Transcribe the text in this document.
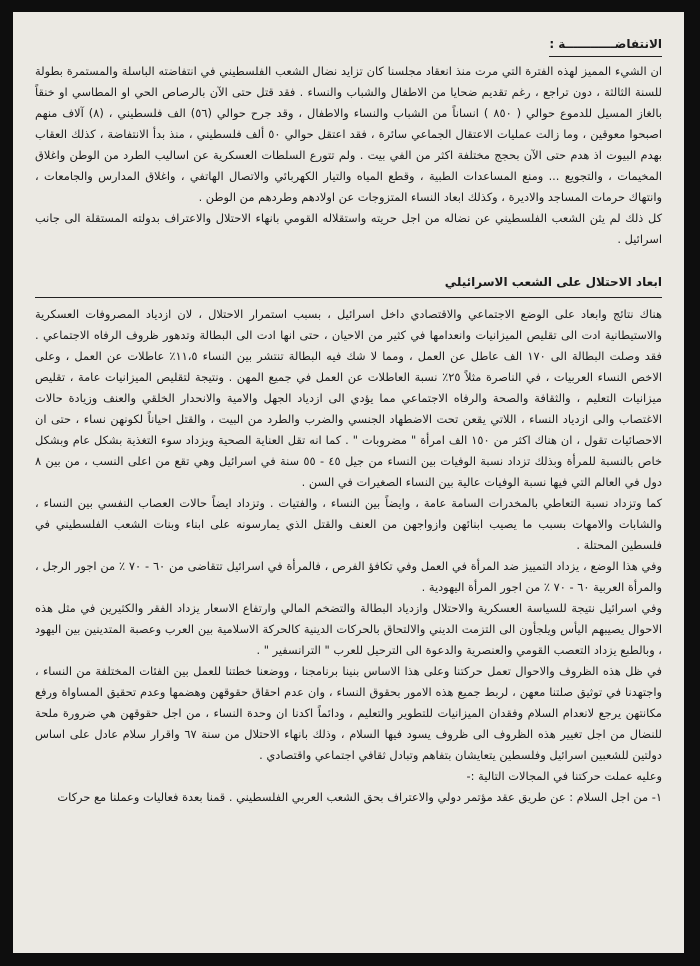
الانتفاضــــــــــــة :

ان الشيء المميز لهذه الفترة التي مرت منذ انعقاد مجلسنا كان تزايد نضال الشعب الفلسطيني في انتفاضته الباسلة والمستمرة بطولة للسنة الثالثة ، دون تراجع ، رغم تقديم ضحايا من الاطفال والشباب والنساء . فقد قتل حتى الآن بالرصاص الحي او المطاسي او خنقاً بالغاز المسيل للدموع حوالي ( ٨٥٠ ) انساناً من الشباب والنساء والاطفال ، وقد جرح حوالي (٥٦) الف فلسطيني ، (٨) آلاف منهم اصبحوا معوقين ، وما زالت عمليات الاعتقال الجماعي سائرة ، فقد اعتقل حوالي ٥٠ ألف فلسطيني ، منذ بدأ الانتفاضة ، كذلك العقاب بهدم البيوت اذ هدم حتى الآن بحجج مختلفة اكثر من الفي بيت . ولم تتورع السلطات العسكرية عن اساليب الطرد من الوطن واغلاق المخيمات ، والتجويع ... ومنع المساعدات الطبية ، وقطع المياه والتيار الكهربائي والاتصال الهاتفي ، واغلاق المدارس والجامعات ، وانتهاك حرمات المساجد والاديرة ، وكذلك ابعاد النساء المتزوجات عن اولادهم وطردهم من الوطن .

كل ذلك لم يثن الشعب الفلسطيني عن نضاله من اجل حريته واستقلاله القومي بانهاء الاحتلال والاعتراف بدولته المستقلة الى جانب اسرائيل .

ابعاد الاحتلال على الشعب الاسرائيلي

هناك نتائج وابعاد على الوضع الاجتماعي والاقتصادي داخل اسرائيل ، بسبب استمرار الاحتلال ، لان ازدياد المصروفات العسكرية والاستيطانية ادت الى تقليص الميزانيات وانعدامها في كثير من الاحيان ، حتى انها ادت الى البطالة وتدهور ظروف الرفاه الاجتماعي . فقد وصلت البطالة الى ١٧٠ الف عاطل عن العمل ، ومما لا شك فيه البطالة تنتشر بين النساء ١١،٥٪ عاطلات عن العمل ، وعلى الاخص النساء العربيات ، في الناصرة مثلاً ٢٥٪ نسبة العاطلات عن العمل في جميع المهن . ونتيجة لتقليص الميزانيات عامة ، تقليص ميزانيات التعليم ، والثقافة والصحة والرفاه الاجتماعي مما يؤدي الى ازدياد الجهل والامية والانحدار الخلقي والعنف وزيادة حالات الاغتصاب والى ازدياد النساء ، اللاتي يقعن تحت الاضطهاد الجنسي والضرب والطرد من البيت ، والقتل احياناً لكونهن نساء ، حتى ان الاحصائيات تقول ، ان هناك اكثر من ١٥٠ الف امرأة " مضروبات " . كما انه تقل العناية الصحية ويزداد سوء التغذية بشكل عام وبشكل خاص بالنسبة للمرأة وبذلك تزداد نسبة الوفيات بين النساء من جيل ٤٥ - ٥٥ سنة في اسرائيل وهي تقع من اعلى النسب ، من بين ٨ دول في العالم التي فيها نسبة الوفيات عالية بين النساء الصغيرات في السن .

كما وتزداد نسبة التعاطي بالمخدرات السامة عامة ، وايضاً بين النساء ، والفتيات . وتزداد ايضاً حالات العصاب النفسي بين النساء ، والشابات والامهات بسبب ما يصيب ابنائهن وازواجهن من العنف والقتل الذي يمارسونه على ابناء وبنات الشعب الفلسطيني في فلسطين المحتلة .

وفي هذا الوضع ، يزداد التمييز ضد المرأة في العمل وفي تكافؤ الفرص ، فالمرأة في اسرائيل تتقاضى من ٦٠ - ٧٠ ٪ من اجور الرجل ، والمرأة العربية ٦٠ - ٧٠ ٪ من اجور المرأة اليهودية .

وفي اسرائيل نتيجة للسياسة العسكرية والاحتلال وازدياد البطالة والتضخم المالي وارتفاع الاسعار يزداد الفقر والكثيرين في مثل هذه الاحوال يصيبهم اليأس ويلجأون الى التزمت الديني والالتحاق بالحركات الدينية كالحركة الاسلامية بين العرب وعصبة المتدينين بين اليهود ، وبالطبع يزداد التعصب القومي والعنصرية والدعوة الى الترحيل للعرب " الترانسفير " .

في ظل هذه الظروف والاحوال تعمل حركتنا وعلى هذا الاساس بنينا برنامجنا ، ووضعنا خطتنا للعمل بين الفئات المختلفة من النساء ، واجتهدنا في توثيق صلتنا معهن ، لربط جميع هذه الامور بحقوق النساء ، وان عدم احقاق حقوقهن وهضمها وعدم تحقيق المساواة ورفع مكانتهن يرجع لانعدام السلام وفقدان الميزانيات للتطوير والتعليم ، ودائماً اكدنا ان وحدة النساء ، من اجل حقوقهن هي ضرورة ملحة للنضال من اجل تغيير هذه الظروف الى ظروف يسود فيها السلام ، وذلك بانهاء الاحتلال من سنة ٦٧ واقرار سلام عادل على اساس دولتين للشعبين اسرائيل وفلسطين يتعايشان بتفاهم وتبادل ثقافي اجتماعي واقتصادي .

وعليه عملت حركتنا في المجالات التالية :-

١- من اجل السلام : عن طريق عقد مؤتمر دولي والاعتراف بحق الشعب العربي الفلسطيني . قمنا بعدة فعاليات وعملنا مع حركات
